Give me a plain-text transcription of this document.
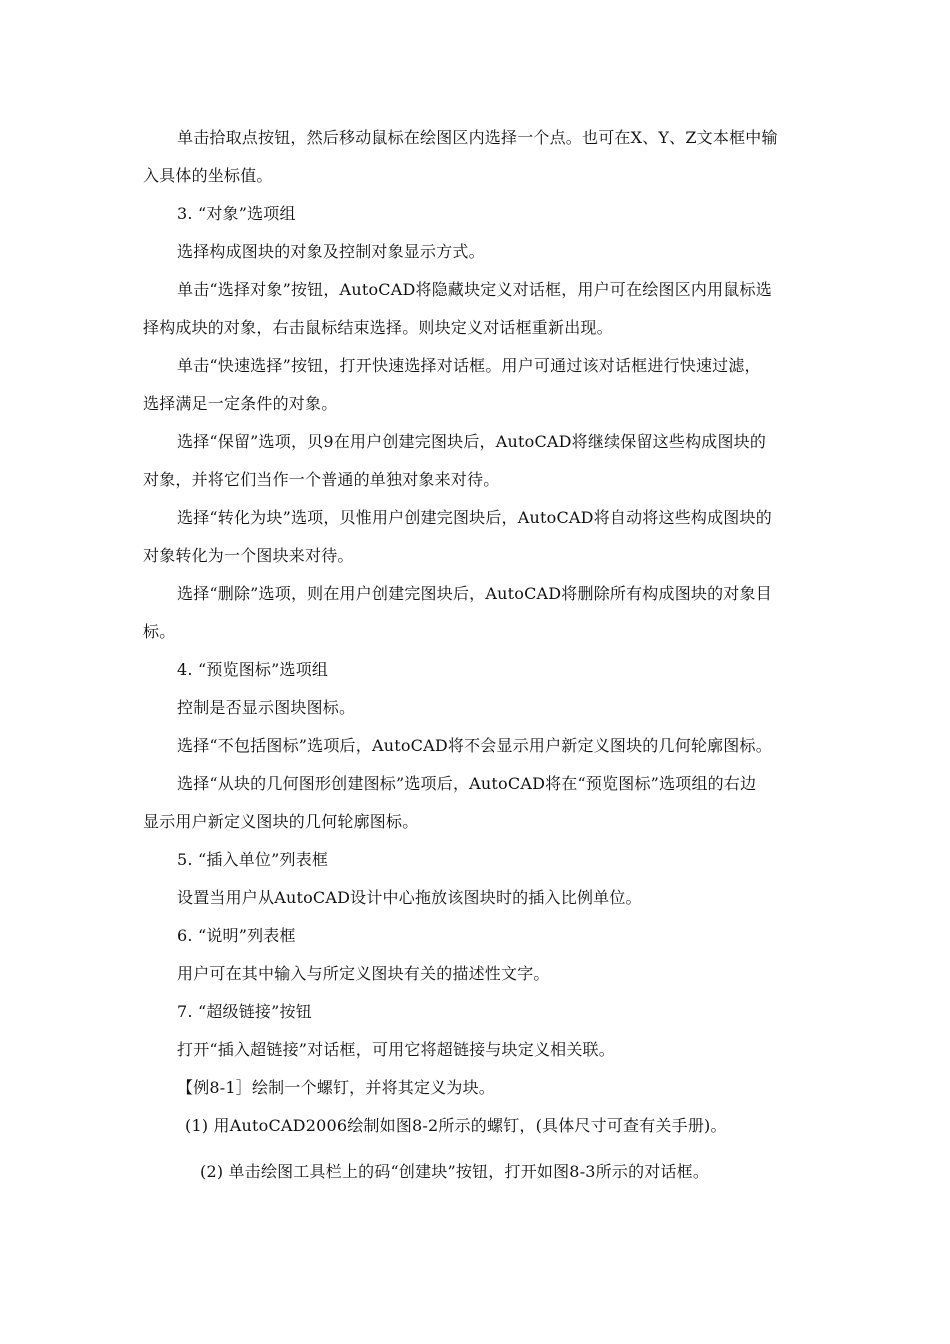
单击拾取点按钮，然后移动鼠标在绘图区内选择一个点。也可在X、Y、Z文本框中输
入具体的坐标值。
3. “对象”选项组
选择构成图块的对象及控制对象显示方式。
单击“选择对象”按钮，AutoCAD将隐藏块定义对话框，用户可在绘图区内用鼠标选
择构成块的对象，右击鼠标结束选择。则块定义对话框重新出现。
单击“快速选择”按钮，打开快速选择对话框。用户可通过该对话框进行快速过滤，
选择满足一定条件的对象。
选择“保留”选项，贝9在用户创建完图块后，AutoCAD将继续保留这些构成图块的
对象，并将它们当作一个普通的单独对象来对待。
选择“转化为块”选项，贝惟用户创建完图块后，AutoCAD将自动将这些构成图块的
对象转化为一个图块来对待。
选择“删除”选项，则在用户创建完图块后，AutoCAD将删除所有构成图块的对象目
标。
4. “预览图标”选项组
控制是否显示图块图标。
选择“不包括图标”选项后，AutoCAD将不会显示用户新定义图块的几何轮廓图标。
选择“从块的几何图形创建图标”选项后，AutoCAD将在“预览图标”选项组的右边
显示用户新定义图块的几何轮廓图标。
5. “插入单位”列表框
设置当用户从AutoCAD设计中心拖放该图块时的插入比例单位。
6. “说明”列表框
用户可在其中输入与所定义图块有关的描述性文字。
7. “超级链接”按钮
打开“插入超链接”对话框，可用它将超链接与块定义相关联。
【例8-1］绘制一个螺钉，并将其定义为块。
(1) 用AutoCAD2006绘制如图8-2所示的螺钉，(具体尺寸可查有关手册)。
(2) 单击绘图工具栏上的码“创建块”按钮，打开如图8-3所示的对话框。
